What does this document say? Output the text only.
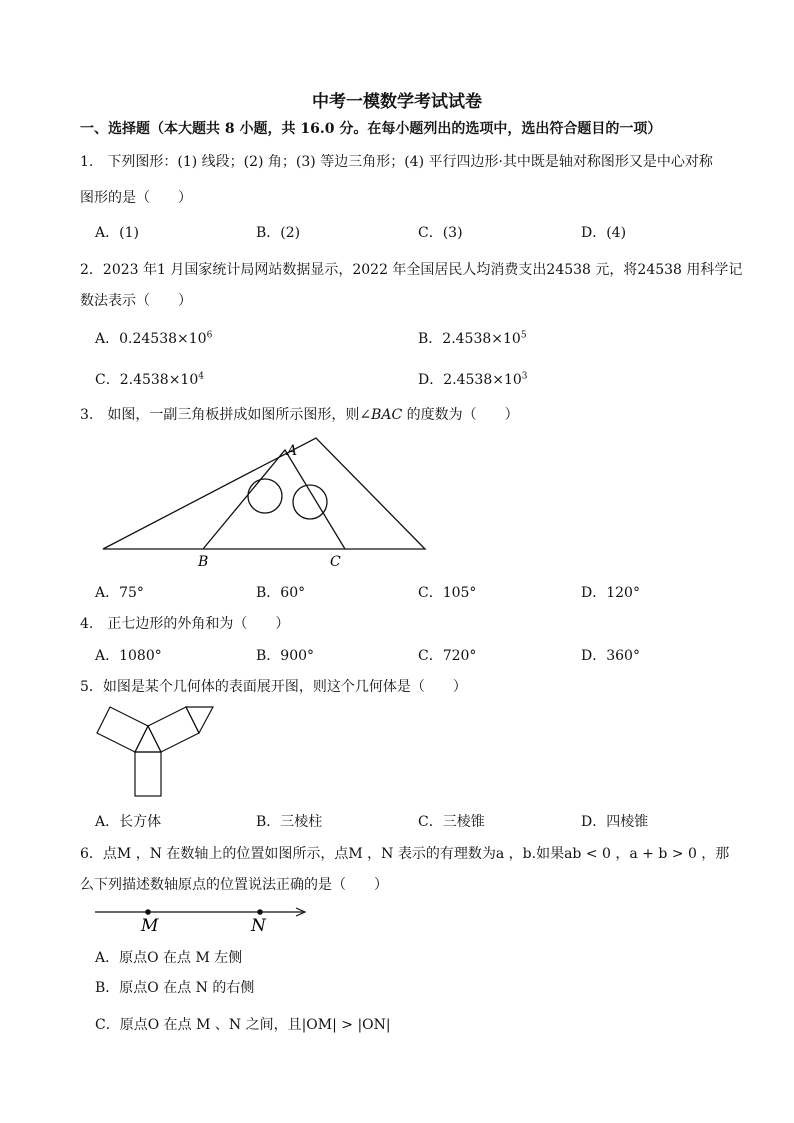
中考一模数学考试试卷
一、选择题（本大题共 8 小题，共 16.0 分。在每小题列出的选项中，选出符合题目的一项）
1.　下列图形：(1) 线段；(2) 角；(3) 等边三角形；(4) 平行四边形·其中既是轴对称图形又是中心对称
图形的是（　　）
A．(1)	B．(2)	C．(3)	D．(4)
2．2023 年1 月国家统计局网站数据显示，2022 年全国居民人均消费支出24538 元，将24538 用科学记
数法表示（　　）
A．$0.24538\times 10^6$	B．$2.4538\times 10^5$
C．$2.4538\times 10^4$	D．$2.4538\times 10^3$
3.　如图，一副三角板拼成如图所示图形，则∠BAC 的度数为（　　）
A
B	C
A．75°	B．60°	C．105°	D．120°
4.　正七边形的外角和为（　　）
A．1080°	B．900°	C．720°	D．360°
5．如图是某个几何体的表面展开图，则这个几何体是（　　）
A．长方体	B．三棱柱	C．三棱锥	D．四棱锥
6．点M ，N 在数轴上的位置如图所示，点M ，N 表示的有理数为a ，b.如果ab < 0 ，a + b > 0 ，那
么下列描述数轴原点的位置说法正确的是（　　）
M	N
A．原点O 在点 M 左侧
B．原点O 在点 N 的右侧
C．原点O 在点 M 、N 之间，且|OM| > |ON|
